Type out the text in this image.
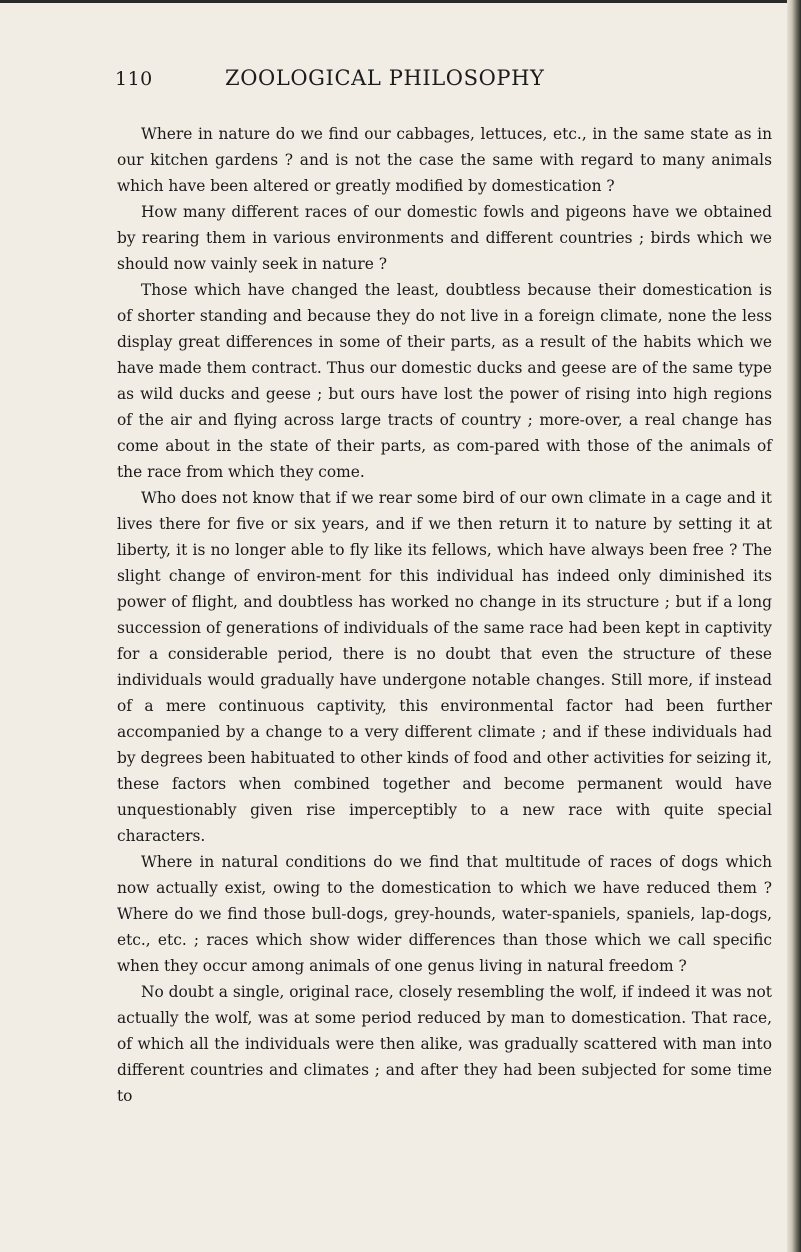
110	ZOOLOGICAL PHILOSOPHY

Where in nature do we find our cabbages, lettuces, etc., in the same state as in our kitchen gardens ? and is not the case the same with regard to many animals which have been altered or greatly modified by domestication ?

How many different races of our domestic fowls and pigeons have we obtained by rearing them in various environments and different countries ; birds which we should now vainly seek in nature ?

Those which have changed the least, doubtless because their domestication is of shorter standing and because they do not live in a foreign climate, none the less display great differences in some of their parts, as a result of the habits which we have made them contract. Thus our domestic ducks and geese are of the same type as wild ducks and geese ; but ours have lost the power of rising into high regions of the air and flying across large tracts of country ; more-over, a real change has come about in the state of their parts, as com-pared with those of the animals of the race from which they come.

Who does not know that if we rear some bird of our own climate in a cage and it lives there for five or six years, and if we then return it to nature by setting it at liberty, it is no longer able to fly like its fellows, which have always been free ? The slight change of environ-ment for this individual has indeed only diminished its power of flight, and doubtless has worked no change in its structure ; but if a long succession of generations of individuals of the same race had been kept in captivity for a considerable period, there is no doubt that even the structure of these individuals would gradually have undergone notable changes. Still more, if instead of a mere continuous captivity, this environmental factor had been further accompanied by a change to a very different climate ; and if these individuals had by degrees been habituated to other kinds of food and other activities for seizing it, these factors when combined together and become permanent would have unquestionably given rise imperceptibly to a new race with quite special characters.

Where in natural conditions do we find that multitude of races of dogs which now actually exist, owing to the domestication to which we have reduced them ? Where do we find those bull-dogs, grey-hounds, water-spaniels, spaniels, lap-dogs, etc., etc. ; races which show wider differences than those which we call specific when they occur among animals of one genus living in natural freedom ?

No doubt a single, original race, closely resembling the wolf, if indeed it was not actually the wolf, was at some period reduced by man to domestication. That race, of which all the individuals were then alike, was gradually scattered with man into different countries and climates ; and after they had been subjected for some time to
